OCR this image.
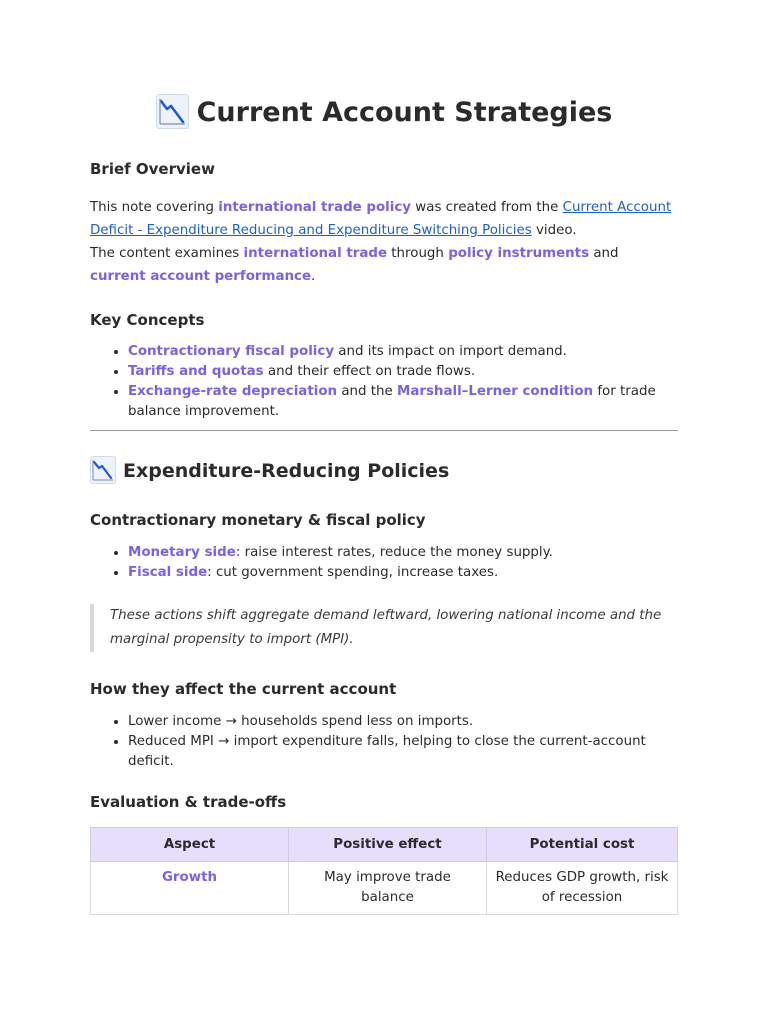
Current Account Strategies
Brief Overview

This note covering international trade policy was created from the Current Account Deficit - Expenditure Reducing and Expenditure Switching Policies video.

The content examines international trade through policy instruments and current account performance.

Key Concepts
• Contractionary fiscal policy and its impact on import demand.
• Tariffs and quotas and their effect on trade flows.
• Exchange-rate depreciation and the Marshall–Lerner condition for trade balance improvement.
Expenditure-Reducing Policies
Contractionary monetary & fiscal policy
• Monetary side: raise interest rates, reduce the money supply.
• Fiscal side: cut government spending, increase taxes.
These actions shift aggregate demand leftward, lowering national income and the marginal propensity to import (MPI).
How they affect the current account
• Lower income → households spend less on imports.
• Reduced MPI → import expenditure falls, helping to close the current-account deficit.
Evaluation & trade-offs
Aspect	Positive effect	Potential cost
Growth	May improve trade balance	Reduces GDP growth, risk of recession
